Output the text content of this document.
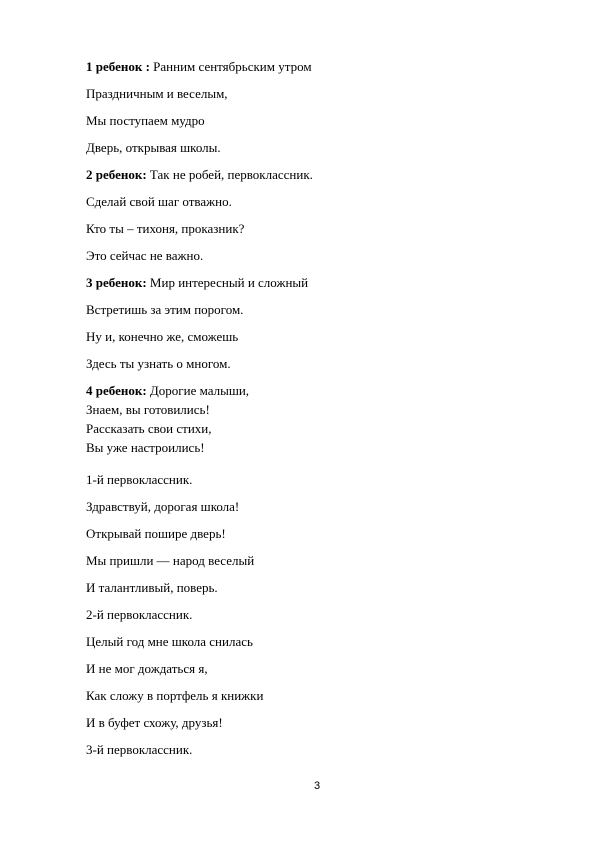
1 ребенок : Ранним сентябрьским утром
Праздничным и веселым,
Мы поступаем мудро
Дверь, открывая школы.
2 ребенок: Так не робей, первоклассник.
Сделай свой шаг отважно.
Кто ты – тихоня, проказник?
Это сейчас не важно.
3 ребенок: Мир интересный и сложный
Встретишь за этим порогом.
Ну и, конечно же, сможешь
Здесь ты узнать о многом.
4 ребенок: Дорогие малыши,
Знаем, вы готовились!
Рассказать свои стихи,
Вы уже настроились!
1-й первоклассник.
Здравствуй, дорогая школа!
Открывай пошире дверь!
Мы пришли — народ веселый
И талантливый, поверь.
2-й первоклассник.
Целый год мне школа снилась
И не мог дождаться я,
Как сложу в портфель я книжки
И в буфет схожу, друзья!
3-й первоклассник.
3
